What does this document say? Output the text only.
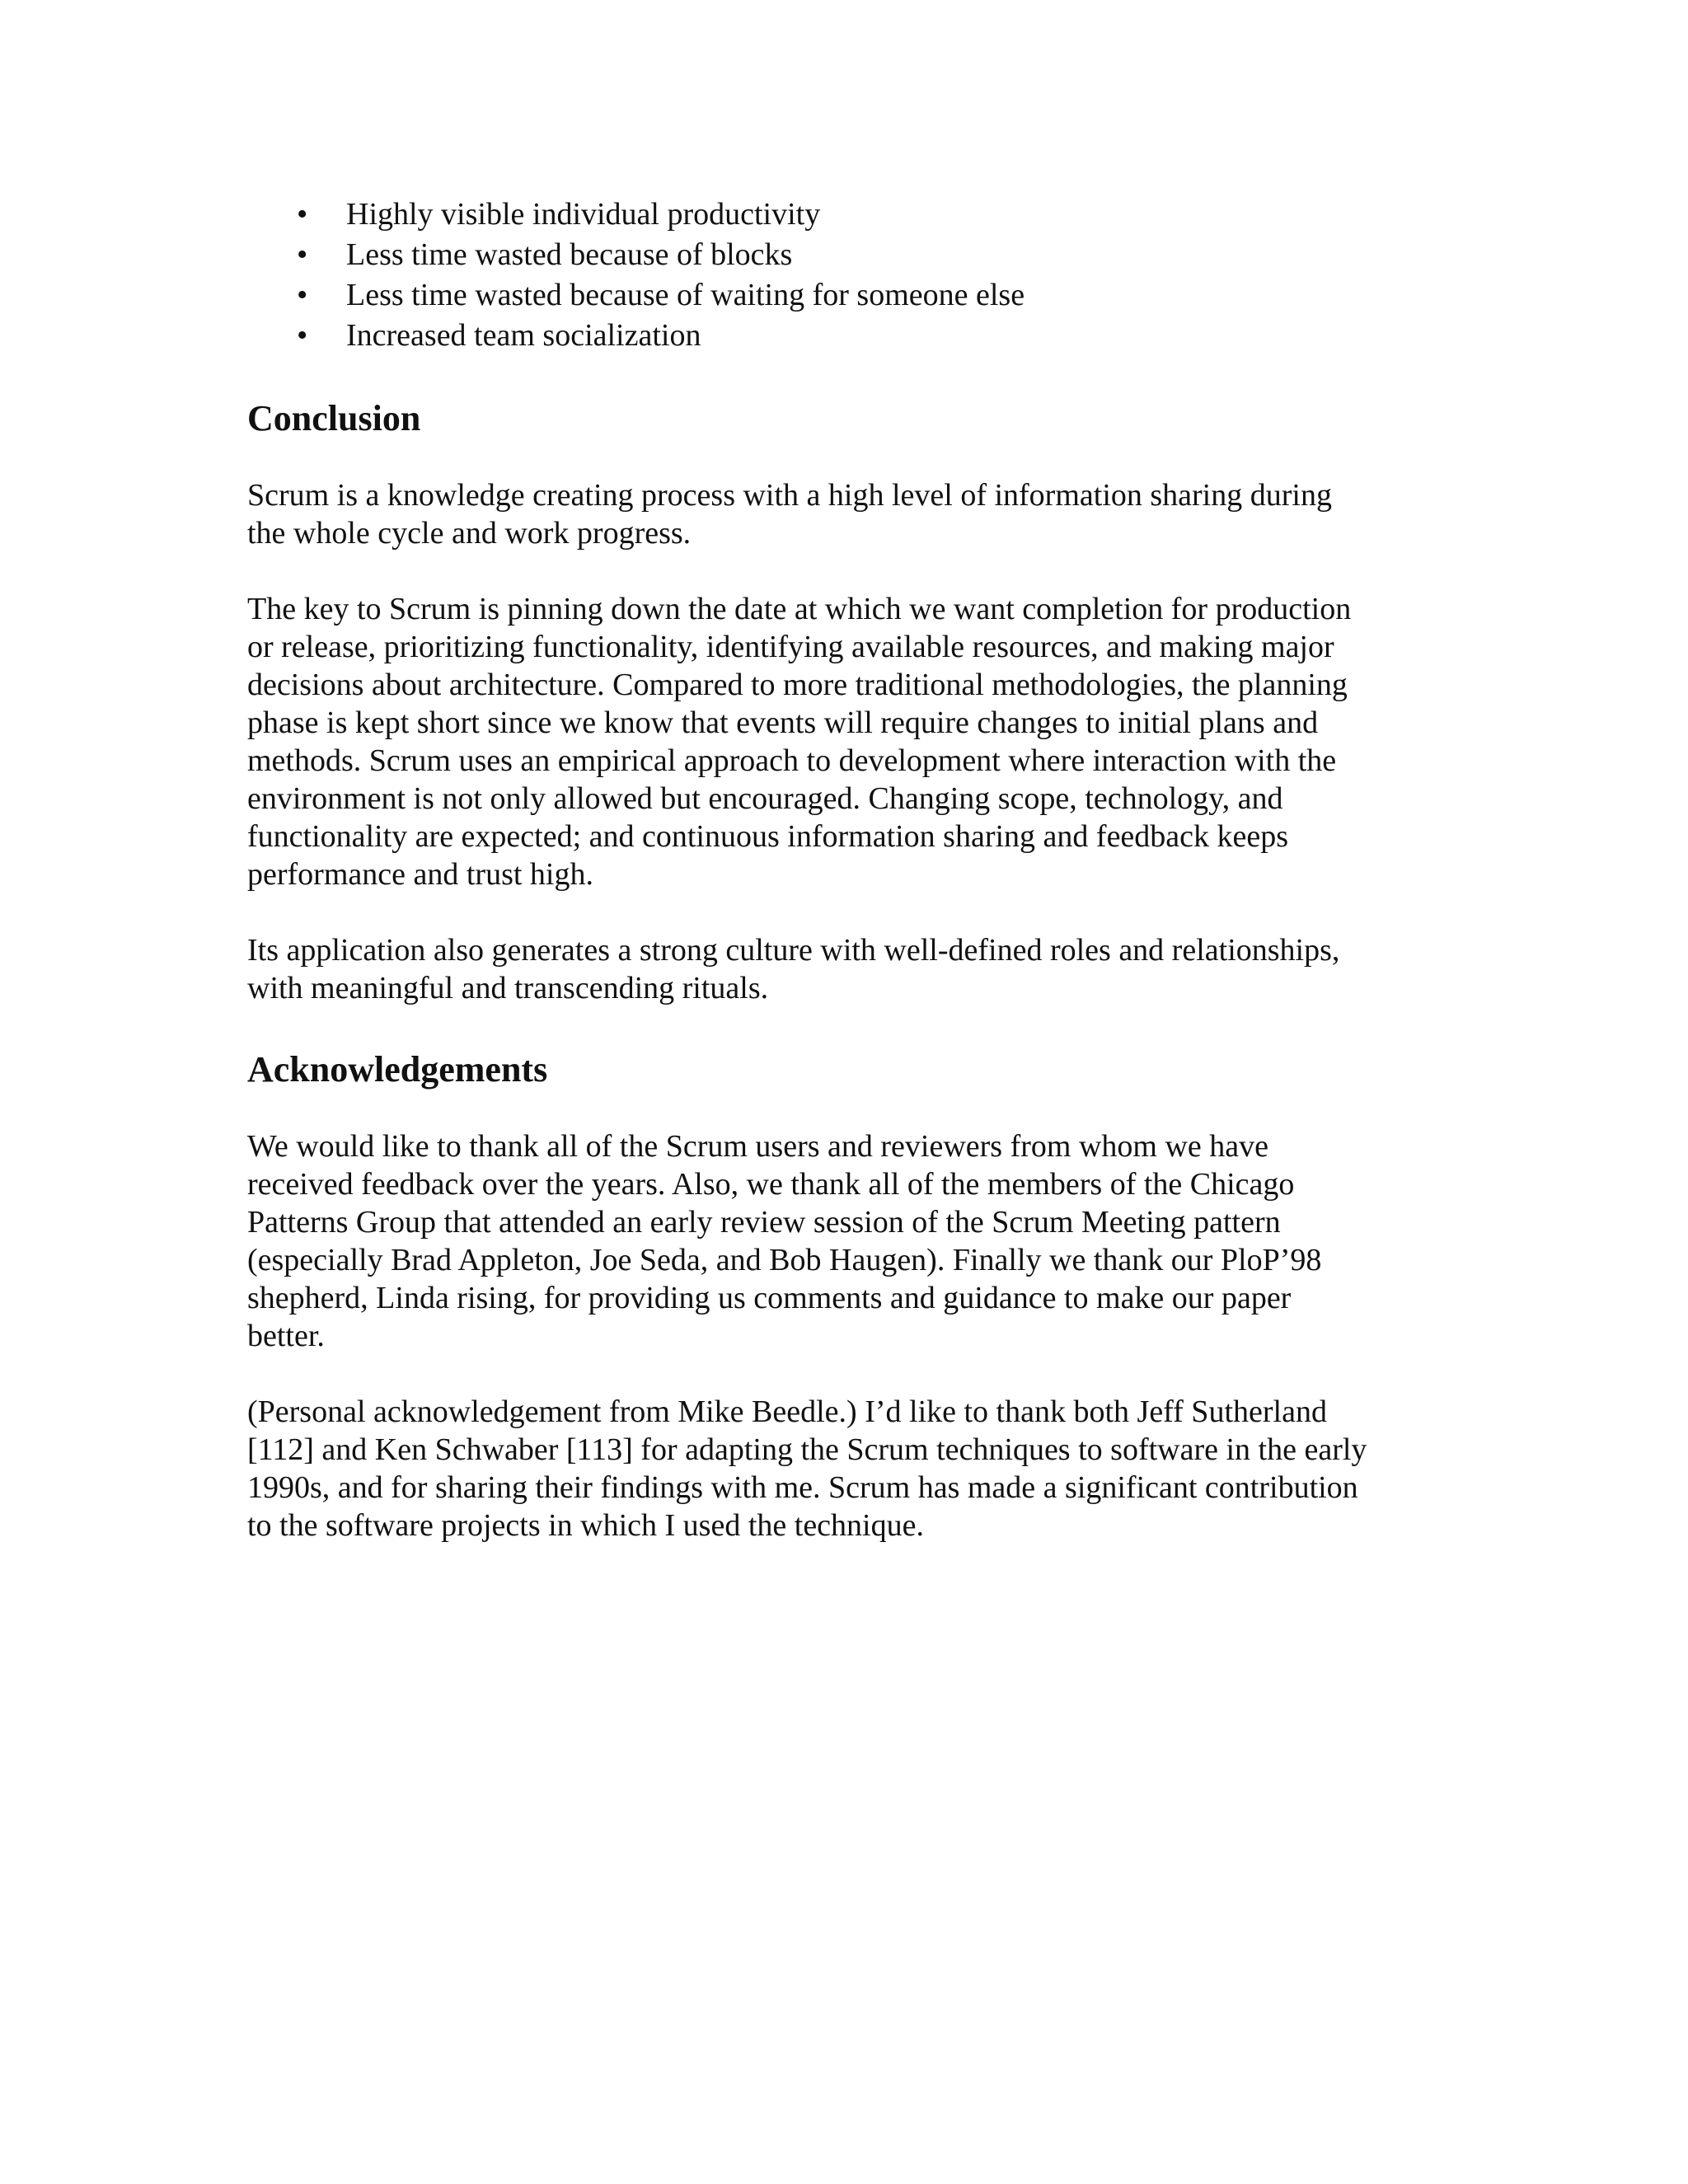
• Highly visible individual productivity
• Less time wasted because of blocks
• Less time wasted because of waiting for someone else
• Increased team socialization
Conclusion

Scrum is a knowledge creating process with a high level of information sharing during
the whole cycle and work progress.

The key to Scrum is pinning down the date at which we want completion for production
or release, prioritizing functionality, identifying available resources, and making major
decisions about architecture. Compared to more traditional methodologies, the planning
phase is kept short since we know that events will require changes to initial plans and
methods. Scrum uses an empirical approach to development where interaction with the
environment is not only allowed but encouraged. Changing scope, technology, and
functionality are expected; and continuous information sharing and feedback keeps
performance and trust high.

Its application also generates a strong culture with well-defined roles and relationships,
with meaningful and transcending rituals.

Acknowledgements

We would like to thank all of the Scrum users and reviewers from whom we have
received feedback over the years. Also, we thank all of the members of the Chicago
Patterns Group that attended an early review session of the Scrum Meeting pattern
(especially Brad Appleton, Joe Seda, and Bob Haugen). Finally we thank our PloP’98
shepherd, Linda rising, for providing us comments and guidance to make our paper
better.

(Personal acknowledgement from Mike Beedle.) I’d like to thank both Jeff Sutherland
[112] and Ken Schwaber [113] for adapting the Scrum techniques to software in the early
1990s, and for sharing their findings with me. Scrum has made a significant contribution
to the software projects in which I used the technique.
